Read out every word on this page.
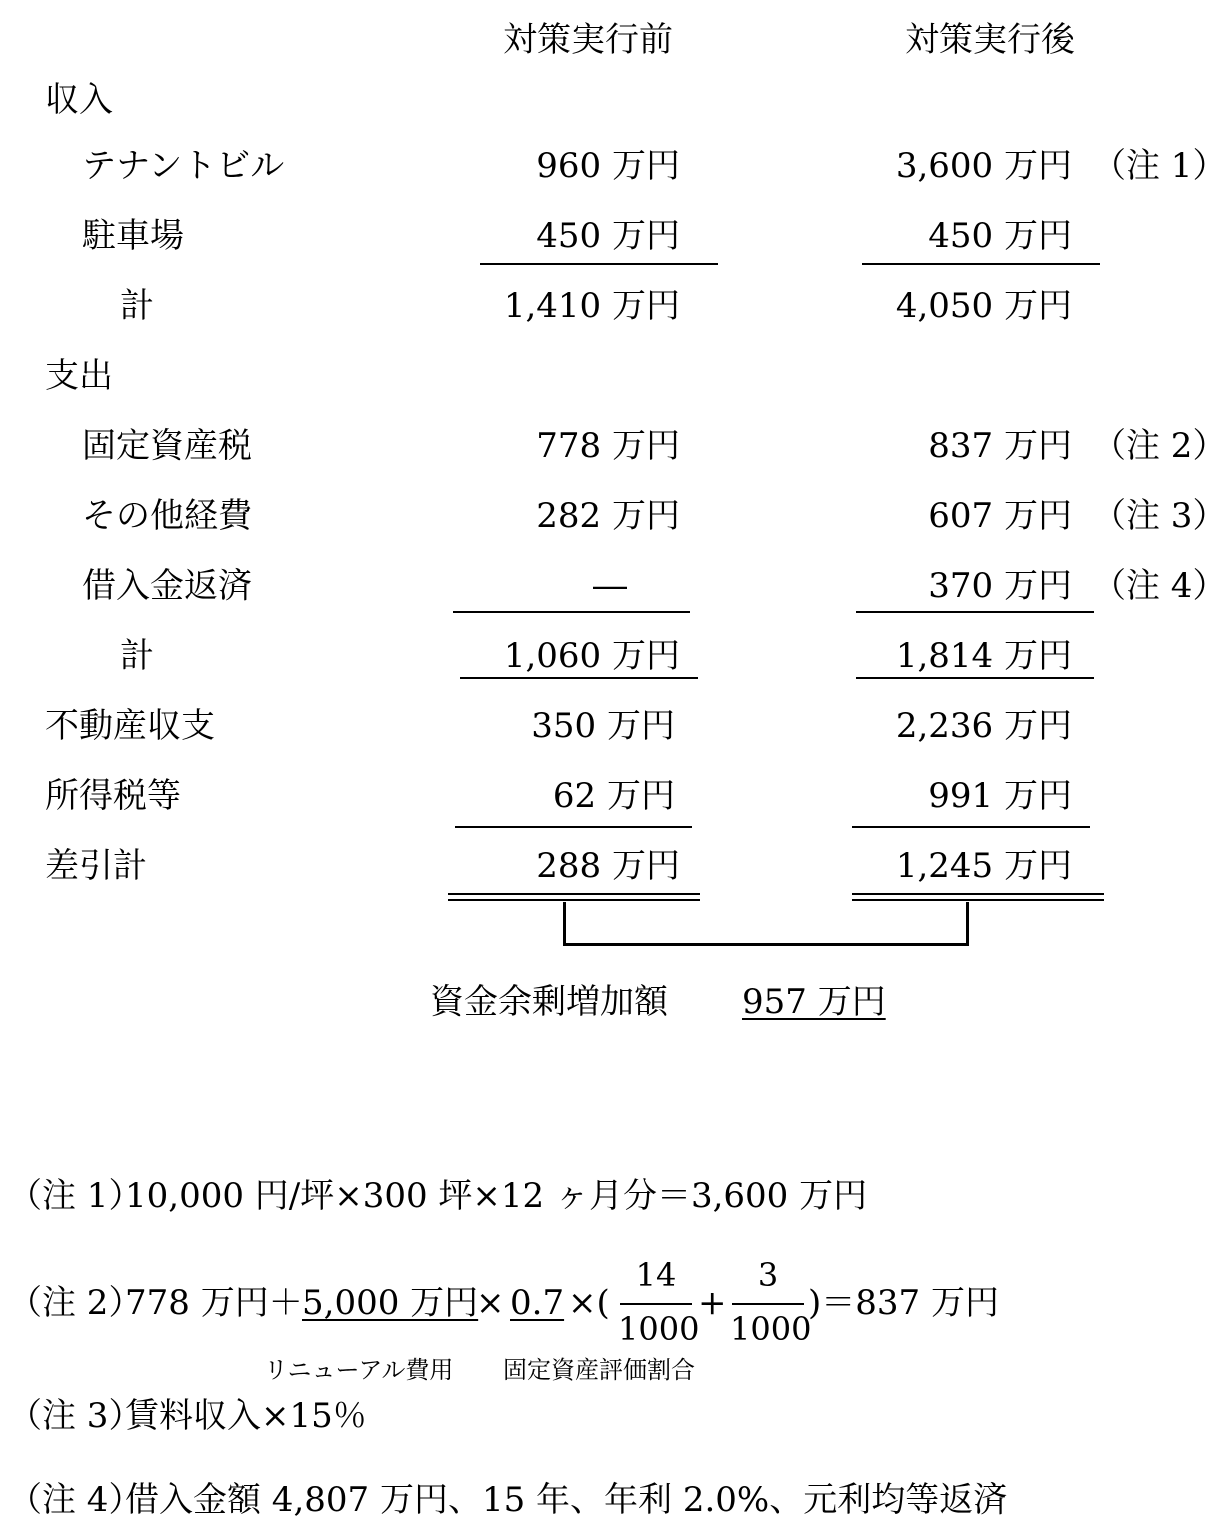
対策実行前	対策実行後
収入
テナントビル	960 万円	3,600 万円 （注 1）
駐車場	450 万円	450 万円
計	1,410 万円	4,050 万円
支出
固定資産税	778 万円	837 万円 （注 2）
その他経費	282 万円	607 万円 （注 3）
借入金返済	―	370 万円 （注 4）
計	1,060 万円	1,814 万円
不動産収支	350 万円	2,236 万円
所得税等	62 万円	991 万円
差引計	288 万円	1,245 万円
資金余剰増加額 957 万円
（注 1）
10,000 円/坪×300 坪×12 ヶ月分＝3,600 万円
（注 2）
778 万円＋ 5,000 万円
× 0.7 ×(
14
1000
+
3
1000
)＝837 万円
リニューアル費用 固定資産評価割合
（注 3）
賃料収入×15％
（注 4）
借入金額 4,807 万円、15 年、年利 2.0%、元利均等返済
